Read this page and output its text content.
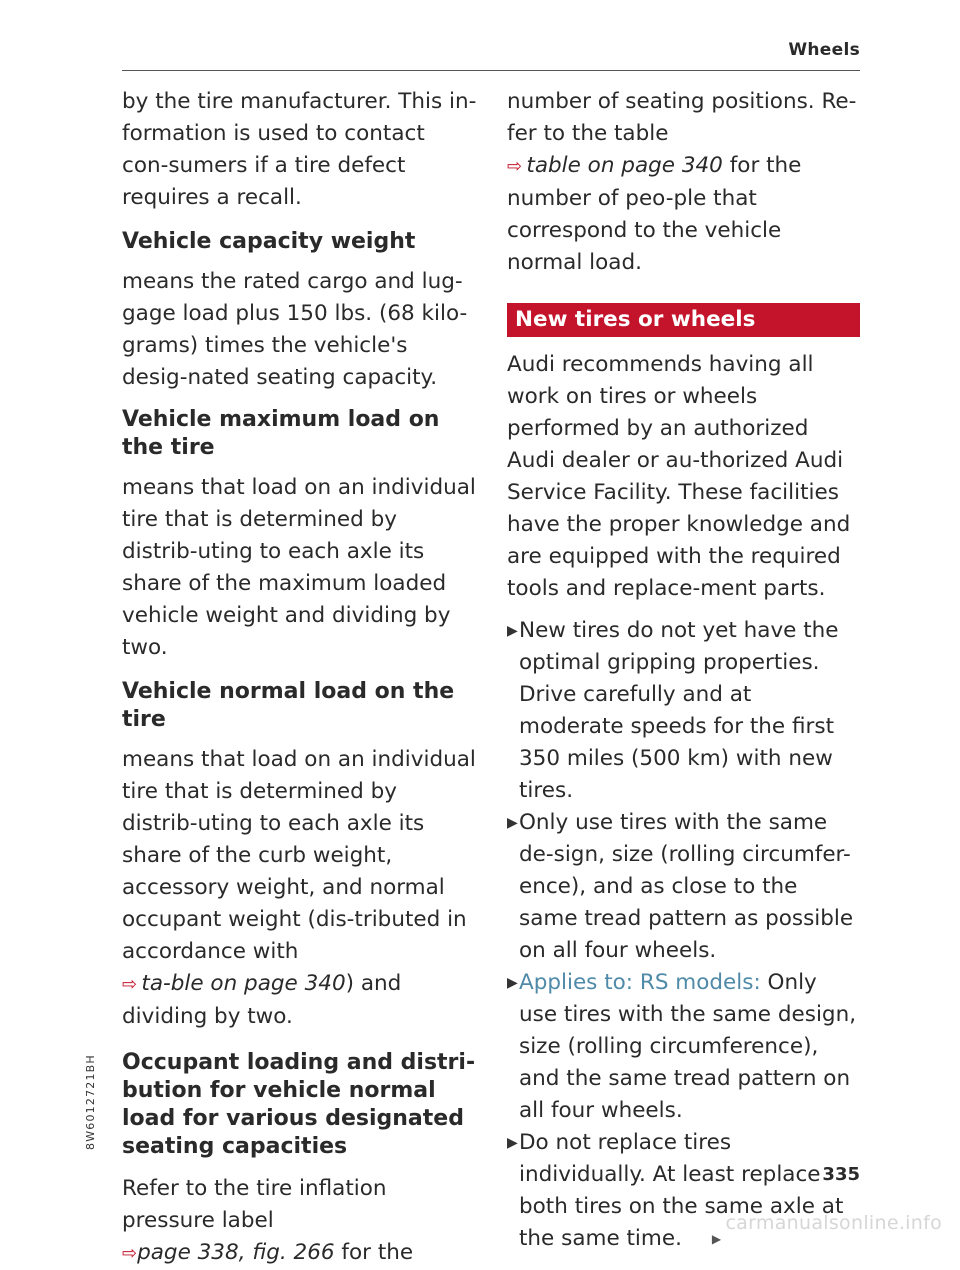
Wheels
8W6012721BH

by the tire manufacturer. This in-formation is used to contact con-sumers if a tire defect requires a recall.

Vehicle capacity weight

means the rated cargo and lug-gage load plus 150 lbs. (68 kilo-grams) times the vehicle's desig-nated seating capacity.

Vehicle maximum load on the tire

means that load on an individual tire that is determined by distrib-uting to each axle its share of the maximum loaded vehicle weight and dividing by two.

Vehicle normal load on the tire

means that load on an individual tire that is determined by distrib-uting to each axle its share of the curb weight, accessory weight, and normal occupant weight (dis-tributed in accordance with ⇨  ta-ble on page 340) and dividing by two.

Occupant loading and distri-bution for vehicle normal load for various designated seating capacities

Refer to the tire inflation pressure label ⇨page 338, fig. 266 for the

number of seating positions. Re-fer to the table ⇨  table on page 340 for the number of peo-ple that correspond to the vehicle normal load.

New tires or wheels

Audi recommends having all work on tires or wheels performed by an authorized Audi dealer or au-thorized Audi Service Facility. These facilities have the proper knowledge and are equipped with the required tools and replace-ment parts.

▶ New tires do not yet have the optimal gripping properties. Drive carefully and at moderate speeds for the first 350 miles (500 km) with new tires.
▶ Only use tires with the same de-sign, size (rolling circumfer-ence), and as close to the same tread pattern as possible on all four wheels.
▶ Applies to: RS models: Only use tires with the same design, size (rolling circumference), and the same tread pattern on all four wheels.
▶ Do not replace tires individually. At least replace both tires on the same axle at the same time.	▶
335
carmanualsonline.info
